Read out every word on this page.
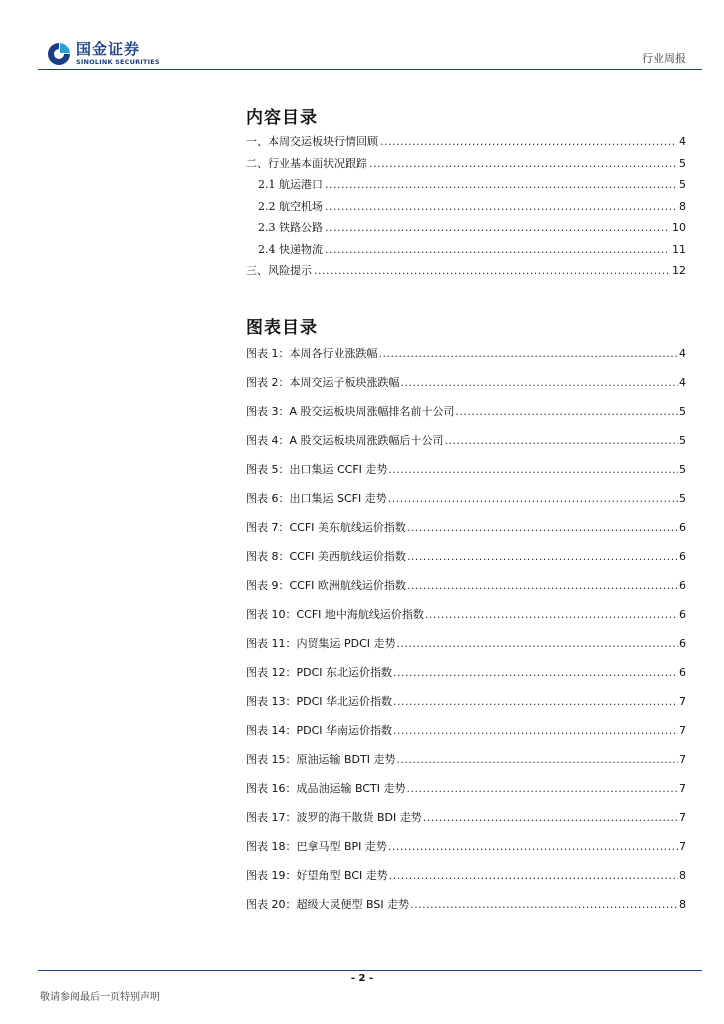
国金证券
SINOLINK SECURITIES	行业周报
内容目录
一、本周交运板块行情回顾 .....	4
二、行业基本面状况跟踪 .....	5
2.1 航运港口 .....	5
2.2 航空机场 .....	8
2.3 铁路公路 .....	10
2.4 快递物流 .....	11
三、风险提示 .....	12
图表目录
图表 1：本周各行业涨跌幅 .....	4
图表 2：本周交运子板块涨跌幅 .....	4
图表 3：A 股交运板块周涨幅排名前十公司 .....	5
图表 4：A 股交运板块周涨跌幅后十公司 .....	5
图表 5：出口集运 CCFI 走势 .....	5
图表 6：出口集运 SCFI 走势 .....	5
图表 7：CCFI 美东航线运价指数 .....	6
图表 8：CCFI 美西航线运价指数 .....	6
图表 9：CCFI 欧洲航线运价指数 .....	6
图表 10：CCFI 地中海航线运价指数 .....	6
图表 11：内贸集运 PDCI 走势 .....	6
图表 12：PDCI 东北运价指数 .....	6
图表 13：PDCI 华北运价指数 .....	7
图表 14：PDCI 华南运价指数 .....	7
图表 15：原油运输 BDTI 走势 .....	7
图表 16：成品油运输 BCTI 走势 .....	7
图表 17：波罗的海干散货 BDI 走势 .....	7
图表 18：巴拿马型 BPI 走势 .....	7
图表 19：好望角型 BCI 走势 .....	8
图表 20：超级大灵便型 BSI 走势 .....	8
- 2 -
敬请参阅最后一页特别声明
